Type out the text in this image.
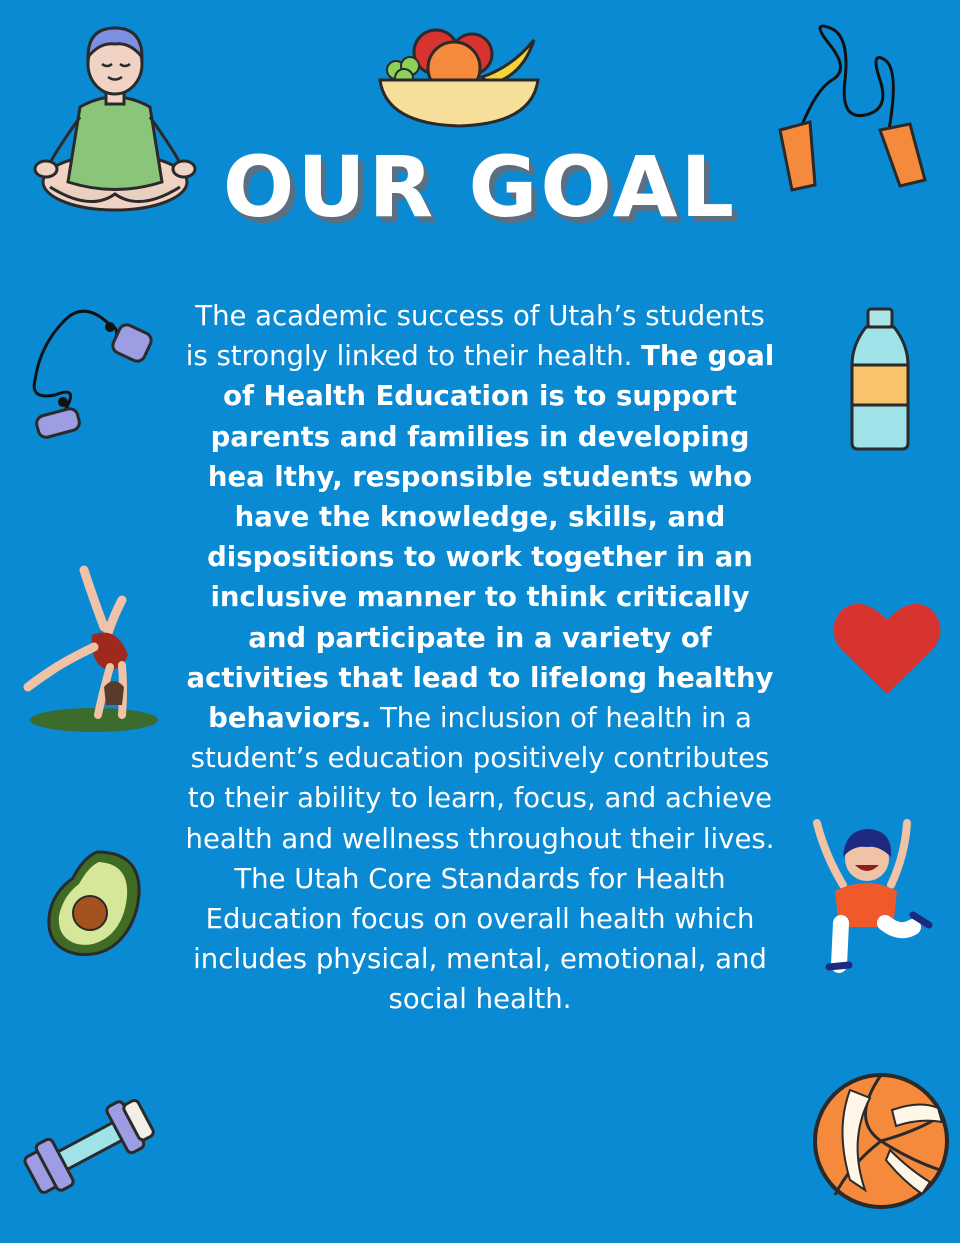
OUR GOAL

The academic success of Utah’s students is strongly linked to their health. The goal of Health Education is to support parents and families in developing hea lthy, responsible students who have the knowledge, skills, and dispositions to work together in an inclusive manner to think critically and participate in a variety of activities that lead to lifelong healthy behaviors. The inclusion of health in a student’s education positively contributes to their ability to learn, focus, and achieve health and wellness throughout their lives. The Utah Core Standards for Health Education focus on overall health which includes physical, mental, emotional, and social health.
